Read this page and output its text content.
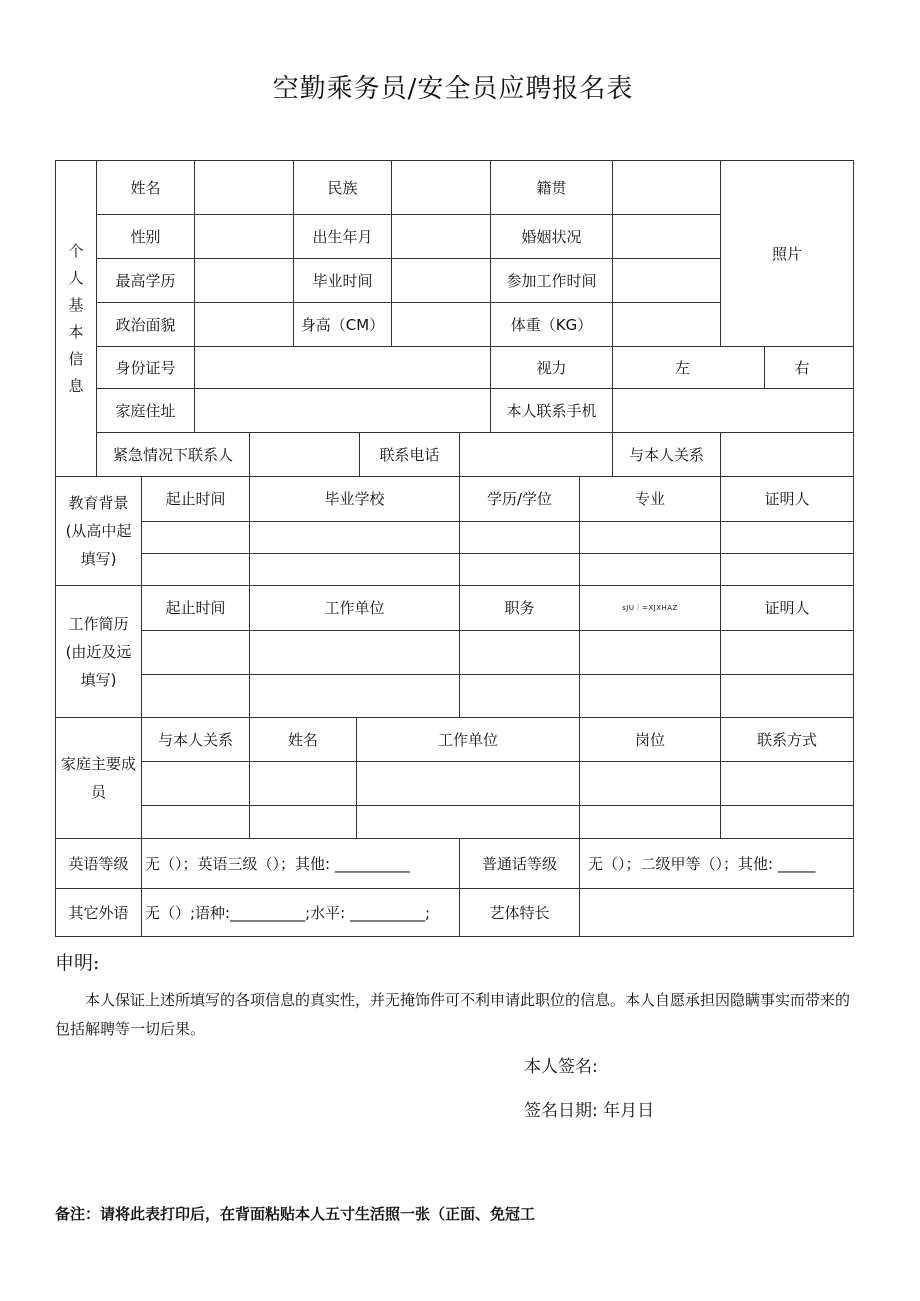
空勤乘务员/安全员应聘报名表
个人基本信息
姓名	民族	籍贯
照片
性别	出生年月	婚姻状况
最高学历	毕业时间	参加工作时间
政治面貌	身高（CM）	体重（KG）
身份证号	视力	左	右
家庭住址	本人联系手机
紧急情况下联系人	联系电话	与本人关系
教育背景
(从高中起
填写)
起止时间	毕业学校	学历/学位	专业	证明人
工作简历
(由近及远
填写)
起止时间	工作单位	职务	sJU｜=XJXHAZ	证明人
家庭主要成
员
与本人关系	姓名	工作单位	岗位	联系方式
英语等级	无（）；英语三级（）；其他: __________	普通话等级	无（）；二级甲等（）；其他: _____
其它外语	无（）;语种:__________;水平: __________;	艺体特长
申明:
本人保证上述所填写的各项信息的真实性，并无掩饰件可不利申请此职位的信息。本人自愿承担因隐瞒事实而带来的包括解聘等一切后果。
本人签名:
签名日期: 年月日
备注：请将此表打印后，在背面粘贴本人五寸生活照一张（正面、免冠工
